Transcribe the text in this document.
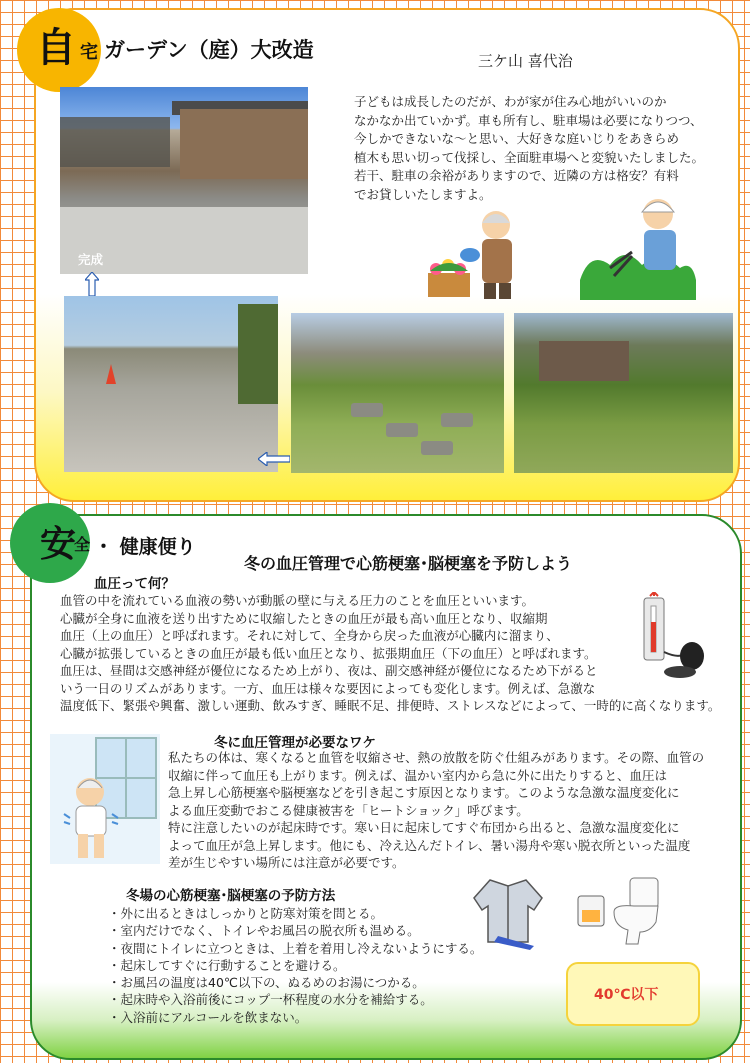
自 宅 ガーデン（庭）大改造	三ケ山 喜代治
子どもは成長したのだが、わが家が住み心地がいいのか
なかなか出ていかず。車も所有し、駐車場は必要になりつつ、
今しかできないな～と思い、大好きな庭いじりをあきらめ
植木も思い切って伐採し、全面駐車場へと変貌いたしました。
若干、駐車の余裕がありますので、近隣の方は格安？有料
でお貸しいたしますよ。
完成
安
全 ・ 健康便り
冬の血圧管理で心筋梗塞･脳梗塞を予防しよう
血圧って何？
血管の中を流れている血液の勢いが動脈の壁に与える圧力のことを血圧といいます。
心臓が全身に血液を送り出すために収縮したときの血圧が最も高い血圧となり、収縮期
血圧（上の血圧）と呼ばれます。それに対して、全身から戻った血液が心臓内に溜まり、
心臓が拡張しているときの血圧が最も低い血圧となり、拡張期血圧（下の血圧）と呼ばれます。
血圧は、昼間は交感神経が優位になるため上がり、夜は、副交感神経が優位になるため下がると
いう一日のリズムがあります。一方、血圧は様々な要因によっても変化します。例えば、急激な
温度低下、緊張や興奮、激しい運動、飲みすぎ、睡眠不足、排便時、ストレスなどによって、一時的に高くなります。
冬に血圧管理が必要なワケ
私たちの体は、寒くなると血管を収縮させ、熱の放散を防ぐ仕組みがあります。その際、血管の
収縮に伴って血圧も上がります。例えば、温かい室内から急に外に出たりすると、血圧は
急上昇し心筋梗塞や脳梗塞などを引き起こす原因となります。このような急激な温度変化に
よる血圧変動でおこる健康被害を「ヒートショック」呼びます。
特に注意したいのが起床時です。寒い日に起床してすぐ布団から出ると、急激な温度変化に
よって血圧が急上昇します。他にも、冷え込んだトイレ、暑い湯舟や寒い脱衣所といった温度
差が生じやすい場所には注意が必要です。
冬場の心筋梗塞･脳梗塞の予防方法
・外に出るときはしっかりと防寒対策を問とる。
・室内だけでなく、トイレやお風呂の脱衣所も温める。
・夜間にトイレに立つときは、上着を着用し冷えないようにする。
・起床してすぐに行動することを避ける。
・お風呂の温度は40℃以下の、ぬるめのお湯につかる。
・起床時や入浴前後にコップ一杯程度の水分を補給する。
・入浴前にアルコールを飲まない。
40℃以下
